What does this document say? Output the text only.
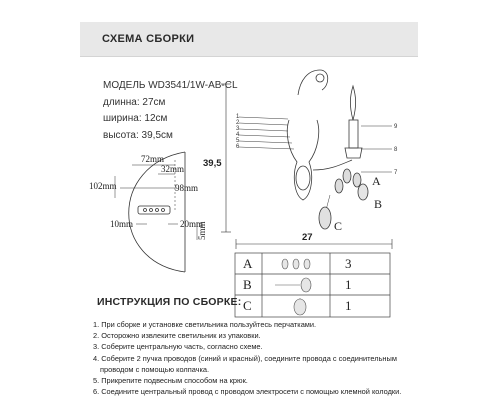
СХЕМА СБОРКИ
МОДЕЛЬ WD3541/1W-AB-CL
длинна: 27см
ширина: 12см
высота: 39,5см
72mm
32mm
98mm
102mm
10mm	20mm
5mm
39,5
27
1
2
3
4
5
6
7
8
9
A
B
C
A
B
C
3
1
1
ИНСТРУКЦИЯ ПО СБОРКЕ:
1. При сборке и установке светильника пользуйтесь перчатками.
2. Осторожно извлеките светильник из упаковки.
3. Соберите центральную часть, согласно схеме.
4. Соберите 2 пучка проводов (синий и красный), соедините провода с соединительным
проводом с помощью колпачка.
5. Прикрепите подвесным способом на крюк.
6. Соедините центральный провод с проводом электросети с помощью клемной колодки.
